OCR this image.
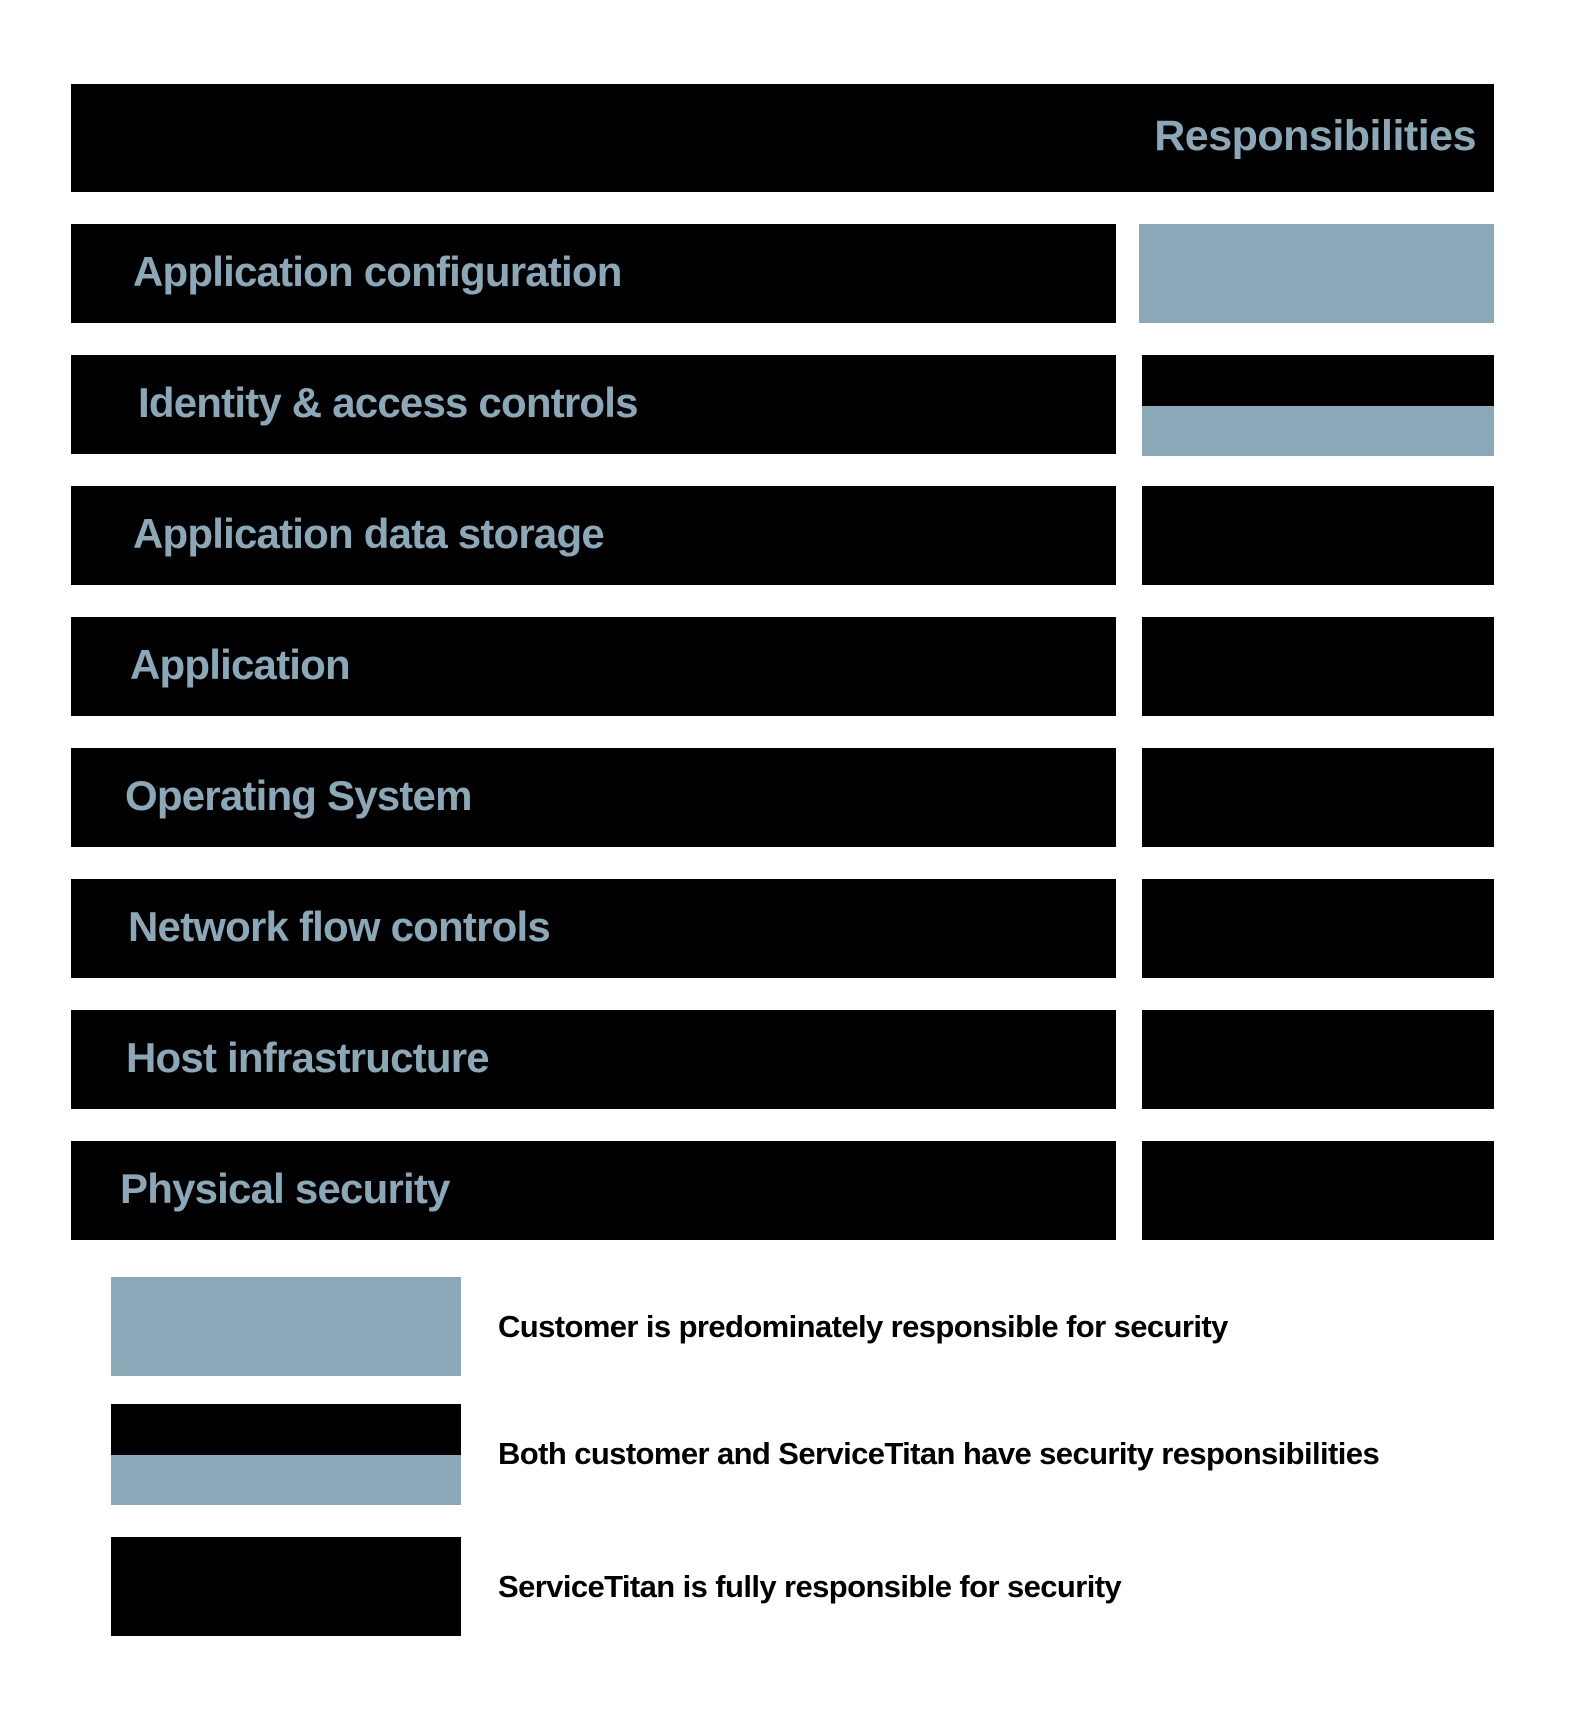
Responsibilities
Application configuration
Identity & access controls
Application data storage
Application
Operating System
Network flow controls
Host infrastructure
Physical security
Customer is predominately responsible for security
Both customer and ServiceTitan have security responsibilities
ServiceTitan is fully responsible for security
